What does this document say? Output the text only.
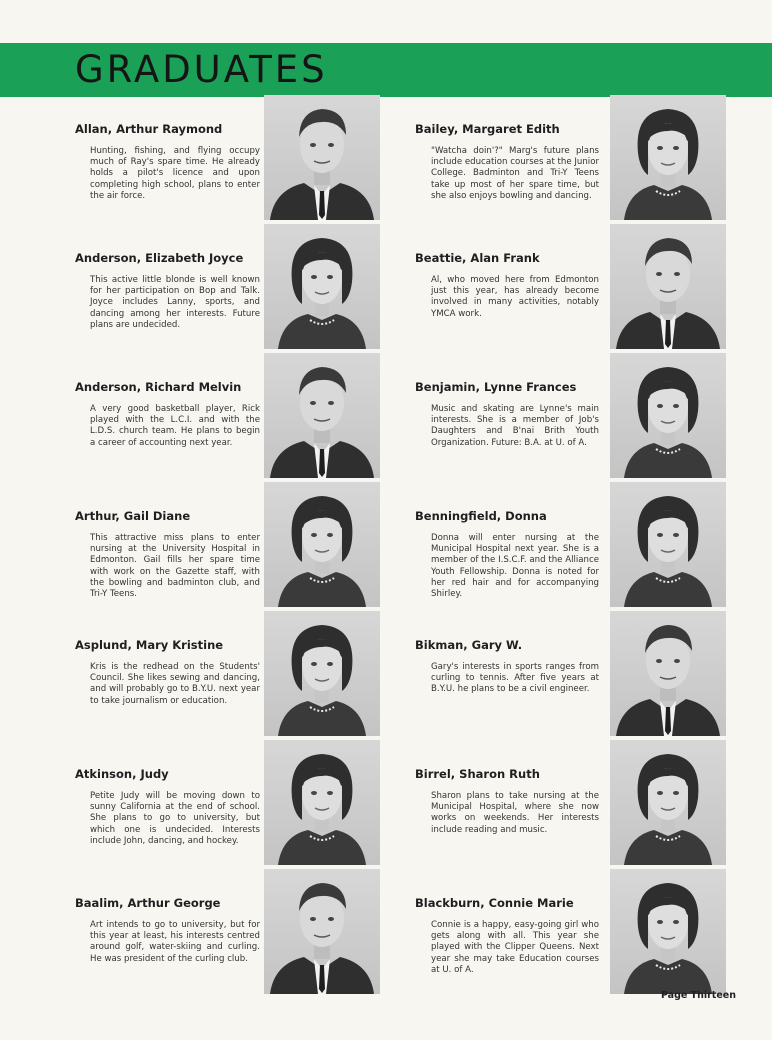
GRADUATES
Allan, Arthur Raymond
Hunting, fishing, and flying occupy much of Ray's spare time. He already holds a pilot's licence and upon completing high school, plans to enter the air force.
Anderson, Elizabeth Joyce
This active little blonde is well known for her participation on Bop and Talk. Joyce includes Lanny, sports, and dancing among her interests. Future plans are undecided.
Anderson, Richard Melvin
A very good basketball player, Rick played with the L.C.I. and with the L.D.S. church team. He plans to begin a career of accounting next year.
Arthur, Gail Diane
This attractive miss plans to enter nursing at the University Hospital in Edmonton. Gail fills her spare time with work on the Gazette staff, with the bowling and badminton club, and Tri-Y Teens.
Asplund, Mary Kristine
Kris is the redhead on the Students' Council. She likes sewing and dancing, and will probably go to B.Y.U. next year to take journalism or education.
Atkinson, Judy
Petite Judy will be moving down to sunny California at the end of school. She plans to go to university, but which one is undecided. Interests include John, dancing, and hockey.
Baalim, Arthur George
Art intends to go to university, but for this year at least, his interests centred around golf, water-skiing and curling. He was president of the curling club.
Bailey, Margaret Edith
"Watcha doin'?" Marg's future plans include education courses at the Junior College. Badminton and Tri-Y Teens take up most of her spare time, but she also enjoys bowling and dancing.
Beattie, Alan Frank
Al, who moved here from Edmonton just this year, has already become involved in many activities, notably YMCA work.
Benjamin, Lynne Frances
Music and skating are Lynne's main interests. She is a member of Job's Daughters and B'nai Brith Youth Organization. Future: B.A. at U. of A.
Benningfield, Donna
Donna will enter nursing at the Municipal Hospital next year. She is a member of the I.S.C.F. and the Alliance Youth Fellowship. Donna is noted for her red hair and for accompanying Shirley.
Bikman, Gary W.
Gary's interests in sports ranges from curling to tennis. After five years at B.Y.U. he plans to be a civil engineer.
Birrel, Sharon Ruth
Sharon plans to take nursing at the Municipal Hospital, where she now works on weekends. Her interests include reading and music.
Blackburn, Connie Marie
Connie is a happy, easy-going girl who gets along with all. This year she played with the Clipper Queens. Next year she may take Education courses at U. of A.
Page Thirteen
